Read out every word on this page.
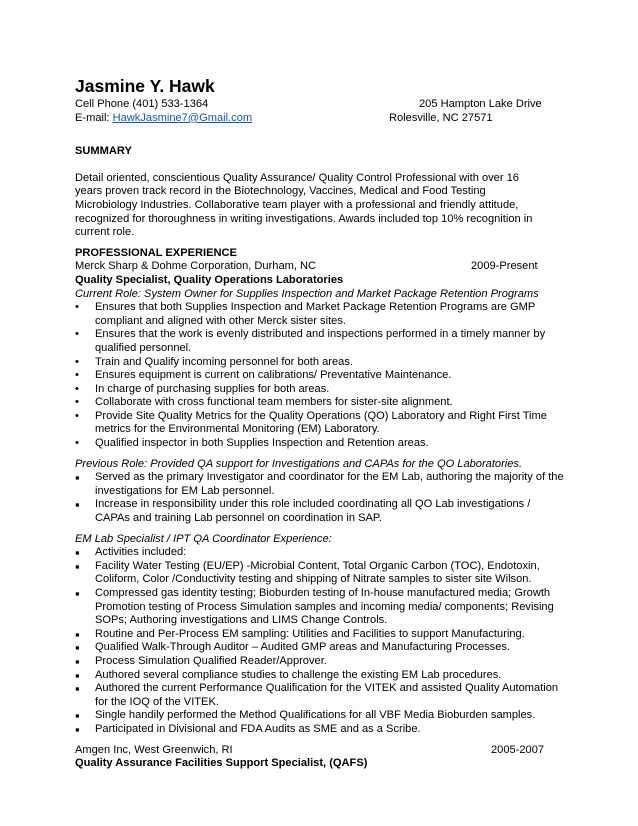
Jasmine Y. Hawk
Cell Phone (401) 533-1364	205 Hampton Lake Drive
E-mail: HawkJasmine7@Gmail.com	Rolesville, NC 27571
SUMMARY

Detail oriented, conscientious Quality Assurance/ Quality Control Professional with over 16 years proven track record in the Biotechnology, Vaccines, Medical and Food Testing Microbiology Industries. Collaborative team player with a professional and friendly attitude, recognized for thoroughness in writing investigations. Awards included top 10% recognition in current role.

PROFESSIONAL EXPERIENCE
Merck Sharp & Dohme Corporation, Durham, NC	2009-Present
Quality Specialist, Quality Operations Laboratories
Current Role: System Owner for Supplies Inspection and Market Package Retention Programs
•	Ensures that both Supplies Inspection and Market Package Retention Programs are GMP compliant and aligned with other Merck sister sites.
•	Ensures that the work is evenly distributed and inspections performed in a timely manner by qualified personnel.
•	Train and Qualify incoming personnel for both areas.
•	Ensures equipment is current on calibrations/ Preventative Maintenance.
•	In charge of purchasing supplies for both areas.
•	Collaborate with cross functional team members for sister-site alignment.
•	Provide Site Quality Metrics for the Quality Operations (QO) Laboratory and Right First Time metrics for the Environmental Monitoring (EM) Laboratory.
•	Qualified inspector in both Supplies Inspection and Retention areas.
Previous Role: Provided QA support for Investigations and CAPAs for the QO Laboratories.
▪	Served as the primary Investigator and coordinator for the EM Lab, authoring the majority of the investigations for EM Lab personnel.
▪	Increase in responsibility under this role included coordinating all QO Lab investigations / CAPAs and training Lab personnel on coordination in SAP.
EM Lab Specialist / IPT QA Coordinator Experience:
▪	Activities included:
▪	Facility Water Testing (EU/EP) -Microbial Content, Total Organic Carbon (TOC), Endotoxin, Coliform, Color /Conductivity testing and shipping of Nitrate samples to sister site Wilson.
▪	Compressed gas identity testing; Bioburden testing of In-house manufactured media; Growth Promotion testing of Process Simulation samples and incoming media/ components; Revising SOPs; Authoring investigations and LIMS Change Controls.
▪	Routine and Per-Process EM sampling: Utilities and Facilities to support Manufacturing.
▪	Qualified Walk-Through Auditor – Audited GMP areas and Manufacturing Processes.
▪	Process Simulation Qualified Reader/Approver.
▪	Authored several compliance studies to challenge the existing EM Lab procedures.
▪	Authored the current Performance Qualification for the VITEK and assisted Quality Automation for the IOQ of the VITEK.
▪	Single handily performed the Method Qualifications for all VBF Media Bioburden samples.
▪	Participated in Divisional and FDA Audits as SME and as a Scribe.
Amgen Inc, West Greenwich, RI	2005-2007
Quality Assurance Facilities Support Specialist, (QAFS)
